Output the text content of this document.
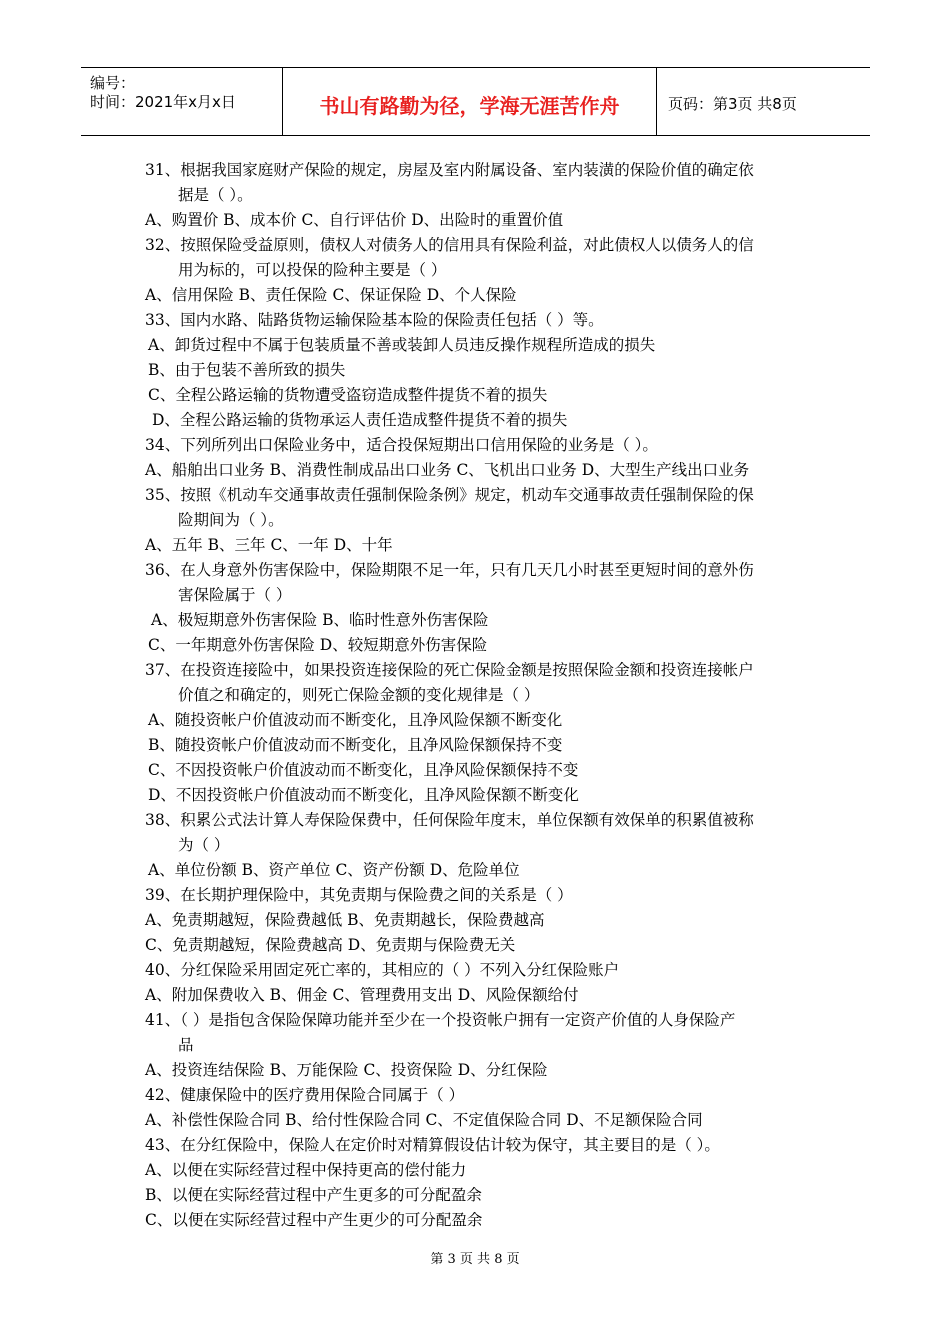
编号：
时间：2021年x月x日	书山有路勤为径，学海无涯苦作舟	页码：第3页 共8页
31、根据我国家庭财产保险的规定，房屋及室内附属设备、室内装潢的保险价值的确定依
据是（ ）。
A、购置价 B、成本价 C、自行评估价 D、出险时的重置价值
32、按照保险受益原则，债权人对债务人的信用具有保险利益，对此债权人以债务人的信
用为标的，可以投保的险种主要是（ ）
A、信用保险 B、责任保险 C、保证保险 D、个人保险
33、国内水路、陆路货物运输保险基本险的保险责任包括（ ）等。
A、卸货过程中不属于包装质量不善或装卸人员违反操作规程所造成的损失
B、由于包装不善所致的损失
C、全程公路运输的货物遭受盗窃造成整件提货不着的损失
D、全程公路运输的货物承运人责任造成整件提货不着的损失
34、下列所列出口保险业务中，适合投保短期出口信用保险的业务是（ ）。
A、船舶出口业务 B、消费性制成品出口业务 C、飞机出口业务 D、大型生产线出口业务
35、按照《机动车交通事故责任强制保险条例》规定，机动车交通事故责任强制保险的保
险期间为（ ）。
A、五年 B、三年 C、一年 D、十年
36、在人身意外伤害保险中，保险期限不足一年，只有几天几小时甚至更短时间的意外伤
害保险属于（ ）
A、极短期意外伤害保险 B、临时性意外伤害保险
C、一年期意外伤害保险 D、较短期意外伤害保险
37、在投资连接险中，如果投资连接保险的死亡保险金额是按照保险金额和投资连接帐户
价值之和确定的，则死亡保险金额的变化规律是（ ）
A、随投资帐户价值波动而不断变化，且净风险保额不断变化
B、随投资帐户价值波动而不断变化，且净风险保额保持不变
C、不因投资帐户价值波动而不断变化，且净风险保额保持不变
D、不因投资帐户价值波动而不断变化，且净风险保额不断变化
38、积累公式法计算人寿保险保费中，任何保险年度末，单位保额有效保单的积累值被称
为（ ）
A、单位份额 B、资产单位 C、资产份额 D、危险单位
39、在长期护理保险中，其免责期与保险费之间的关系是（ ）
A、免责期越短，保险费越低 B、免责期越长，保险费越高
C、免责期越短，保险费越高 D、免责期与保险费无关
40、分红保险采用固定死亡率的，其相应的（ ）不列入分红保险账户
A、附加保费收入 B、佣金 C、管理费用支出 D、风险保额给付
41、（ ）是指包含保险保障功能并至少在一个投资帐户拥有一定资产价值的人身保险产
品
A、投资连结保险 B、万能保险 C、投资保险 D、分红保险
42、健康保险中的医疗费用保险合同属于（ ）
A、补偿性保险合同 B、给付性保险合同 C、不定值保险合同 D、不足额保险合同
43、在分红保险中，保险人在定价时对精算假设估计较为保守，其主要目的是（ ）。
A、以便在实际经营过程中保持更高的偿付能力
B、以便在实际经营过程中产生更多的可分配盈余
C、以便在实际经营过程中产生更少的可分配盈余
第 3 页 共 8 页
